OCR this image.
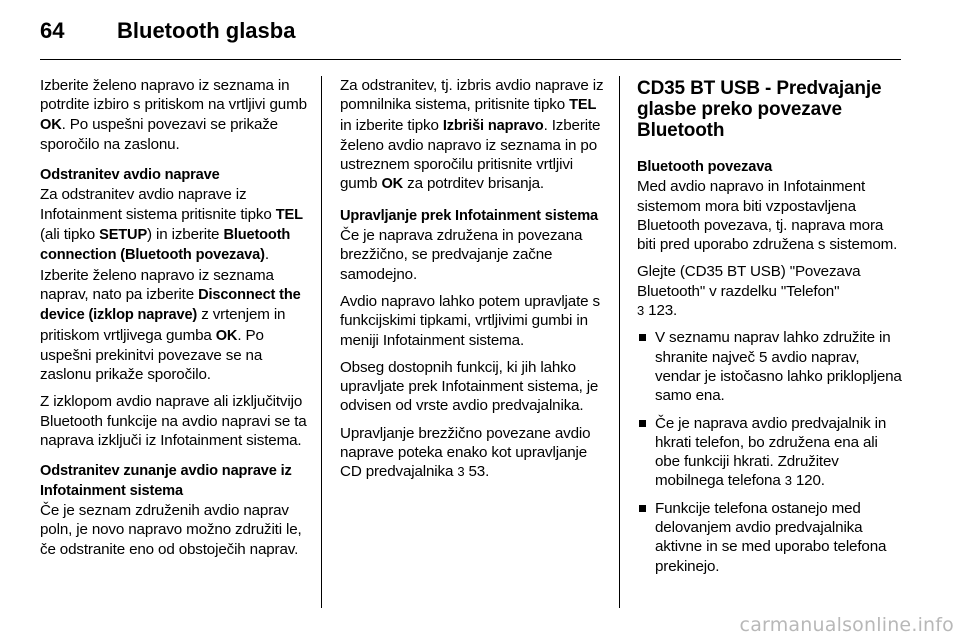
64 Bluetooth glasba

Izberite želeno napravo iz seznama in potrdite izbiro s pritiskom na vrtljivi gumb OK. Po uspešni povezavi se prikaže sporočilo na zaslonu.

Odstranitev avdio naprave

Za odstranitev avdio naprave iz Infotainment sistema pritisnite tipko TEL (ali tipko SETUP) in izberite Bluetooth connection (Bluetooth povezava). Izberite želeno napravo iz seznama naprav, nato pa izberite Disconnect the device (izklop naprave) z vrtenjem in pritiskom vrtljivega gumba OK. Po uspešni prekinitvi povezave se na zaslonu prikaže sporočilo.

Z izklopom avdio naprave ali izključitvijo Bluetooth funkcije na avdio napravi se ta naprava izključi iz Infotainment sistema.

Odstranitev zunanje avdio naprave iz Infotainment sistema

Če je seznam združenih avdio naprav poln, je novo napravo možno združiti le, če odstranite eno od obstoječih naprav.

Za odstranitev, tj. izbris avdio naprave iz pomnilnika sistema, pritisnite tipko TEL in izberite tipko Izbriši napravo. Izberite želeno avdio napravo iz seznama in po ustreznem sporočilu pritisnite vrtljivi gumb OK za potrditev brisanja.

Upravljanje prek Infotainment sistema

Če je naprava združena in povezana brezžično, se predvajanje začne samodejno.

Avdio napravo lahko potem upravljate s funkcijskimi tipkami, vrtljivimi gumbi in meniji Infotainment sistema.

Obseg dostopnih funkcij, ki jih lahko upravljate prek Infotainment sistema, je odvisen od vrste avdio predvajalnika.

Upravljanje brezžično povezane avdio naprave poteka enako kot upravljanje CD predvajalnika 3 53.

CD35 BT USB - Predvajanje glasbe preko povezave Bluetooth
Bluetooth povezava

Med avdio napravo in Infotainment sistemom mora biti vzpostavljena Bluetooth povezava, tj. naprava mora biti pred uporabo združena s sistemom.

Glejte (CD35 BT USB) "Povezava Bluetooth" v razdelku "Telefon"
3 123.

V seznamu naprav lahko združite in shranite največ 5 avdio naprav, vendar je istočasno lahko priklopljena samo ena.
Če je naprava avdio predvajalnik in hkrati telefon, bo združena ena ali obe funkciji hkrati. Združitev mobilnega telefona 3 120.
Funkcije telefona ostanejo med delovanjem avdio predvajalnika aktivne in se med uporabo telefona prekinejo.
carmanualsonline.info
